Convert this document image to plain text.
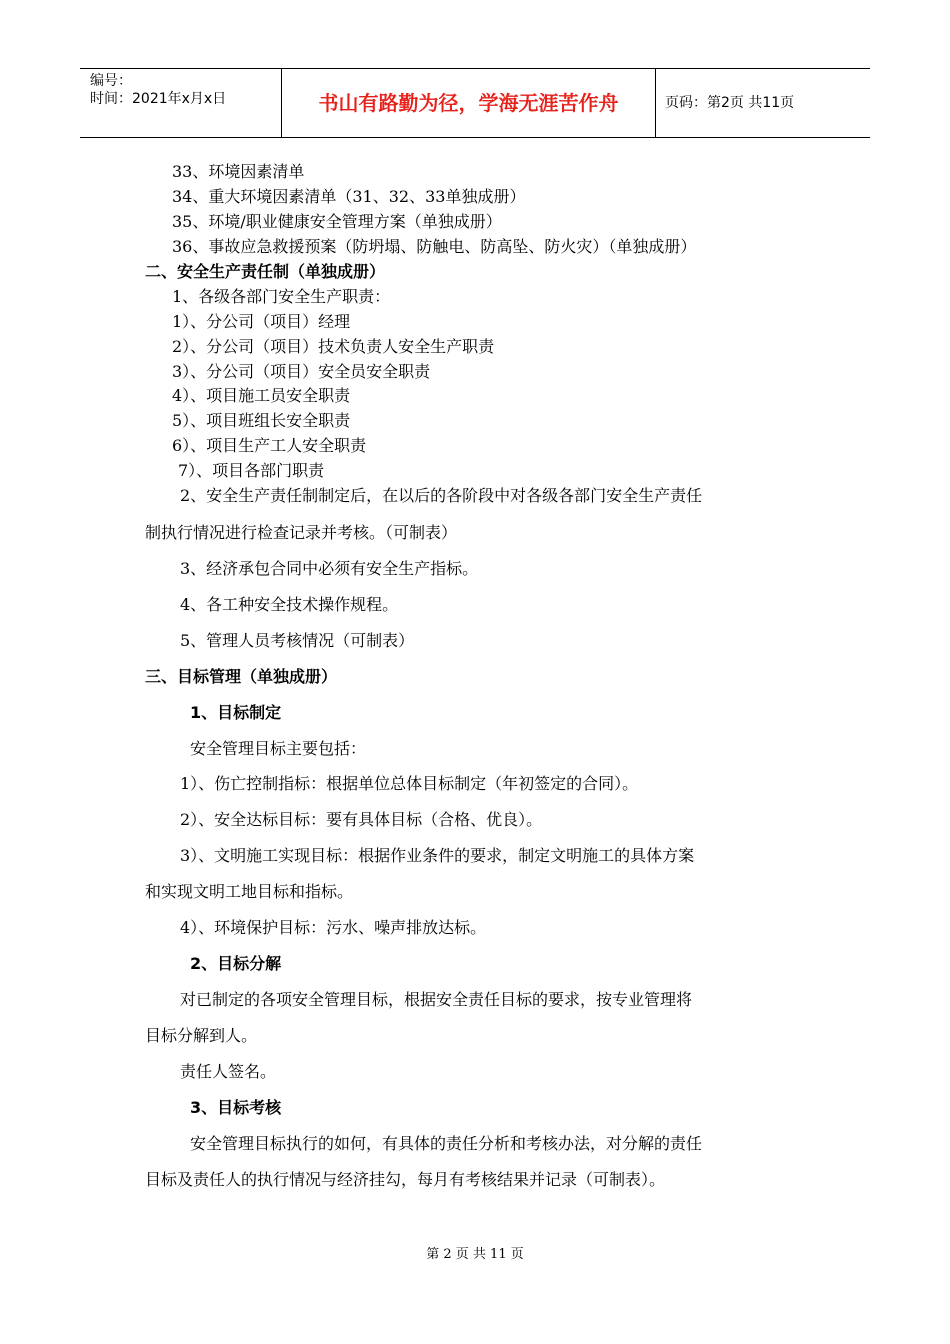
编号：
时间：2021年x月x日	书山有路勤为径，学海无涯苦作舟	页码：第2页 共11页
33、环境因素清单
34、重大环境因素清单（31、32、33单独成册）
35、环境/职业健康安全管理方案（单独成册）
36、事故应急救援预案（防坍塌、防触电、防高坠、防火灾）（单独成册）
二、安全生产责任制（单独成册）
1、各级各部门安全生产职责：
1）、分公司（项目）经理
2）、分公司（项目）技术负责人安全生产职责
3）、分公司（项目）安全员安全职责
4）、项目施工员安全职责
5）、项目班组长安全职责
6）、项目生产工人安全职责
7）、项目各部门职责
2、安全生产责任制制定后，在以后的各阶段中对各级各部门安全生产责任
制执行情况进行检查记录并考核。（可制表）
3、经济承包合同中必须有安全生产指标。
4、各工种安全技术操作规程。
5、管理人员考核情况（可制表）
三、目标管理（单独成册）
1、目标制定
安全管理目标主要包括：
1）、伤亡控制指标：根据单位总体目标制定（年初签定的合同）。
2）、安全达标目标：要有具体目标（合格、优良）。
3）、文明施工实现目标：根据作业条件的要求，制定文明施工的具体方案
和实现文明工地目标和指标。
4）、环境保护目标：污水、噪声排放达标。
2、目标分解
对已制定的各项安全管理目标，根据安全责任目标的要求，按专业管理将
目标分解到人。
责任人签名。
3、目标考核
安全管理目标执行的如何，有具体的责任分析和考核办法，对分解的责任
目标及责任人的执行情况与经济挂勾，每月有考核结果并记录（可制表）。
第 2 页 共 11 页
